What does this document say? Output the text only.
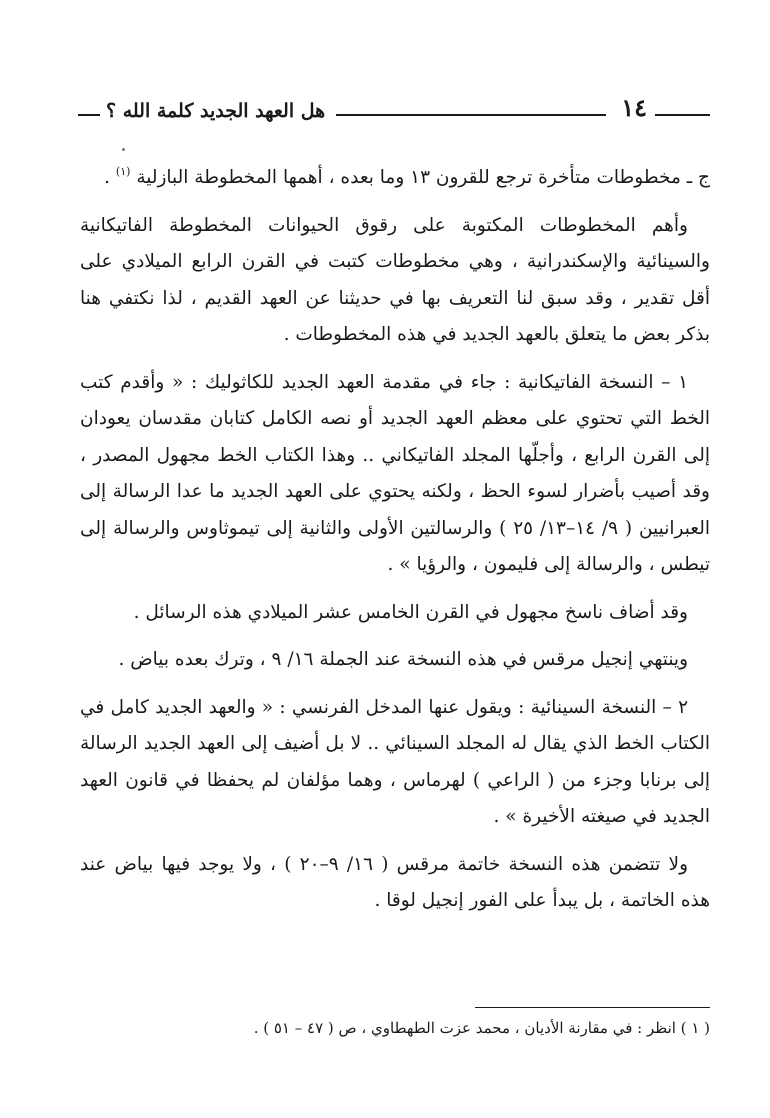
١٤
هل العهد الجديد كلمة الله ؟

ج ـ مخطوطات متأخرة ترجع للقرون ١٣ وما بعده ، أهمها المخطوطة البازلية $^{(١)}$ .

وأهم المخطوطات المكتوبة على رقوق الحيوانات المخطوطة الفاتيكانية والسينائية والإسكندرانية ، وهي مخطوطات كتبت في القرن الرابع الميلادي على أقل تقدير ، وقد سبق لنا التعريف بها في حديثنا عن العهد القديم ، لذا نكتفي هنا بذكر بعض ما يتعلق بالعهد الجديد في هذه المخطوطات .

١ – النسخة الفاتيكانية : جاء في مقدمة العهد الجديد للكاثوليك : « وأقدم كتب الخط التي تحتوي على معظم العهد الجديد أو نصه الكامل كتابان مقدسان يعودان إلى القرن الرابع ، وأجلّها المجلد الفاتيكاني .. وهذا الكتاب الخط مجهول المصدر ، وقد أصيب بأضرار لسوء الحظ ، ولكنه يحتوي على العهد الجديد ما عدا الرسالة إلى العبرانيين ( ٩/ ١٤–١٣/ ٢٥ ) والرسالتين الأولى والثانية إلى تيموثاوس والرسالة إلى تيطس ، والرسالة إلى فليمون ، والرؤيا » .

وقد أضاف ناسخ مجهول في القرن الخامس عشر الميلادي هذه الرسائل .

وينتهي إنجيل مرقس في هذه النسخة عند الجملة ١٦/ ٩ ، وترك بعده بياض .

٢ – النسخة السينائية : ويقول عنها المدخل الفرنسي : « والعهد الجديد كامل في الكتاب الخط الذي يقال له المجلد السينائي .. لا بل أضيف إلى العهد الجديد الرسالة إلى برنابا وجزء من ( الراعي ) لهرماس ، وهما مؤلفان لم يحفظا في قانون العهد الجديد في صيغته الأخيرة » .

ولا تتضمن هذه النسخة خاتمة مرقس ( ١٦/ ٩–٢٠ ) ، ولا يوجد فيها بياض عند هذه الخاتمة ، بل يبدأ على الفور إنجيل لوقا .

( ١ ) انظر : في مقارنة الأديان ، محمد عزت الطهطاوي ، ص ( ٤٧ – ٥١ ) .
